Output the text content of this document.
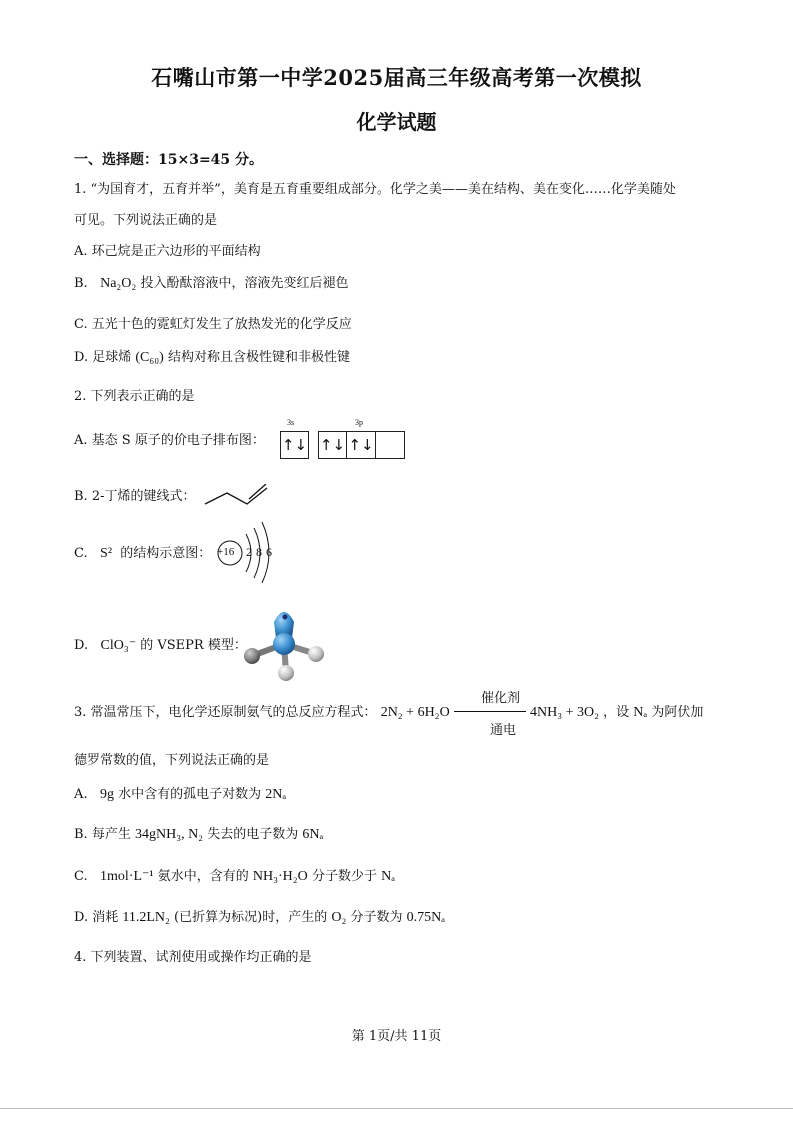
石嘴山市第一中学2025届高三年级高考第一次模拟
化学试题
一、选择题：15×3=45 分。
1. “为国育才，五育并举”，美育是五育重要组成部分。化学之美——美在结构、美在变化……化学美随处
可见。下列说法正确的是
A. 环己烷是正六边形的平面结构
B. Na₂O₂ 投入酚酞溶液中，溶液先变红后褪色
C. 五光十色的霓虹灯发生了放热发光的化学反应
D. 足球烯 (C₆₀) 结构对称且含极性键和非极性键
2. 下列表示正确的是
A. 基态 S 原子的价电子排布图：
3s	3p
↑↓ ↑↓ ↑↓
B. 2-丁烯的键线式：
C. S² 的结构示意图： +16 2 8 6
D. ClO₃⁻ 的 VSEPR 模型：
3. 常温常压下，电化学还原制氨气的总反应方程式： 2N₂ + 6H₂O	4NH₃ + 3O₂ ，设 Nₐ 为阿伏加
催化剂
通电
德罗常数的值，下列说法正确的是
A. 9g 水中含有的孤电子对数为 2Nₐ
B. 每产生 34gNH₃, N₂ 失去的电子数为 6Nₐ
C. 1mol·L⁻¹ 氨水中，含有的 NH₃·H₂O 分子数少于 Nₐ
D. 消耗 11.2LN₂ (已折算为标况)时，产生的 O₂ 分子数为 0.75Nₐ
4. 下列装置、试剂使用或操作均正确的是
第 1页/共 11页
